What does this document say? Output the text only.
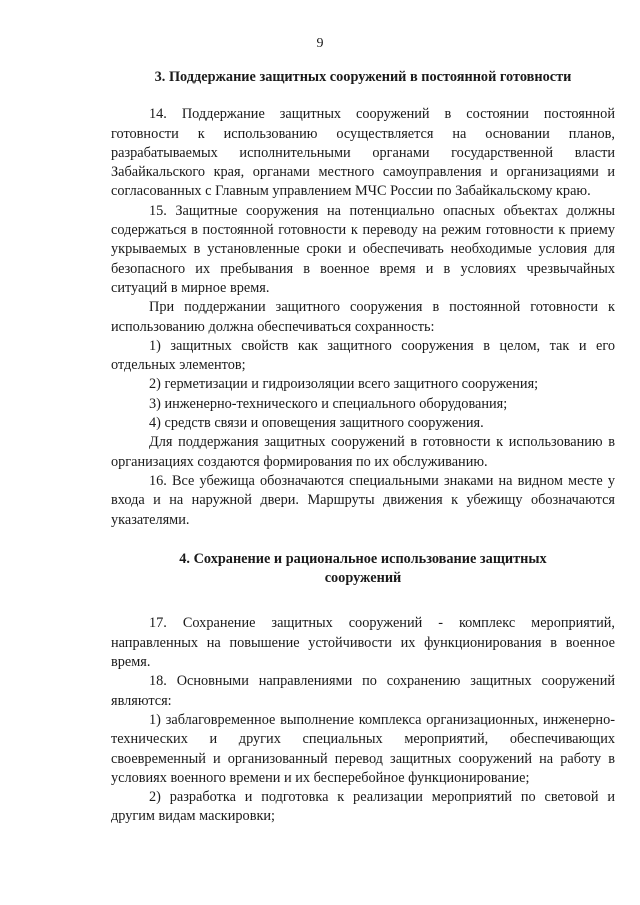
9

3. Поддержание защитных сооружений в постоянной готовности

14. Поддержание защитных сооружений в состоянии постоянной готовности к использованию осуществляется на основании планов, разрабатываемых исполнительными органами государственной власти Забайкальского края, органами местного самоуправления и организациями и согласованных с Главным управлением МЧС России по Забайкальскому краю.

15. Защитные сооружения на потенциально опасных объектах должны содержаться в постоянной готовности к переводу на режим готовности к приему укрываемых в установленные сроки и обеспечивать необходимые условия для безопасного их пребывания в военное время и в условиях чрезвычайных ситуаций в мирное время.

При поддержании защитного сооружения в постоянной готовности к использованию должна обеспечиваться сохранность:

1) защитных свойств как защитного сооружения в целом, так и его отдельных элементов;

2) герметизации и гидроизоляции всего защитного сооружения;

3) инженерно-технического и специального оборудования;

4) средств связи и оповещения защитного сооружения.

Для поддержания защитных сооружений в готовности к использованию в организациях создаются формирования по их обслуживанию.

16. Все убежища обозначаются специальными знаками на видном месте у входа и на наружной двери. Маршруты движения к убежищу обозначаются указателями.

4. Сохранение и рациональное использование защитных

сооружений

17. Сохранение защитных сооружений - комплекс мероприятий, направленных на повышение устойчивости их функционирования в военное время.

18. Основными направлениями по сохранению защитных сооружений являются:

1) заблаговременное выполнение комплекса организационных, инженерно-технических и других специальных мероприятий, обеспечивающих своевременный и организованный перевод защитных сооружений на работу в условиях военного времени и их бесперебойное функционирование;

2) разработка и подготовка к реализации мероприятий по световой и другим видам маскировки;
